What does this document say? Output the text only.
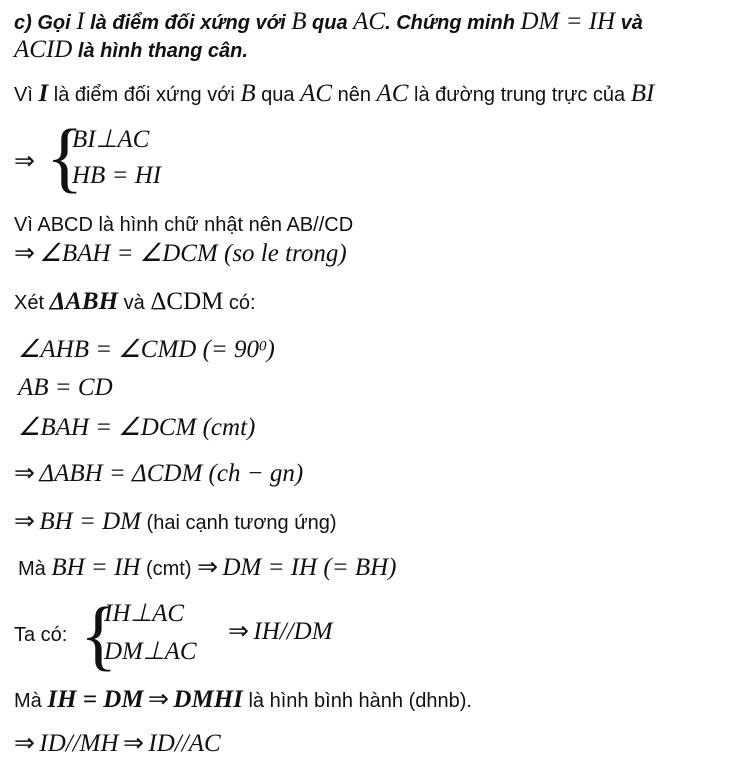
c) Gọi I là điểm đối xứng với B qua AC. Chứng minh DM = IH và
ACID là hình thang cân.
Vì I là điểm đối xứng với B qua AC nên AC là đường trung trực của BI
⇒ {
BI⊥AC
HB = HI
Vì ABCD là hình chữ nhật nên AB//CD
⇒ ∠BAH = ∠DCM (so le trong)
Xét ΔABH và ΔCDM có:
∠AHB = ∠CMD (= $90^0$)
AB = CD
∠BAH = ∠DCM (cmt)
⇒ ΔABH = ΔCDM (ch − gn)
⇒ BH = DM (hai cạnh tương ứng)
Mà BH = IH (cmt) ⇒ DM = IH (= BH)
Ta có: {
IH⊥AC
DM⊥AC
⇒ IH//DM
Mà IH = DM ⇒ DMHI là hình bình hành (dhnb).
⇒ ID//MH ⇒ ID//AC
